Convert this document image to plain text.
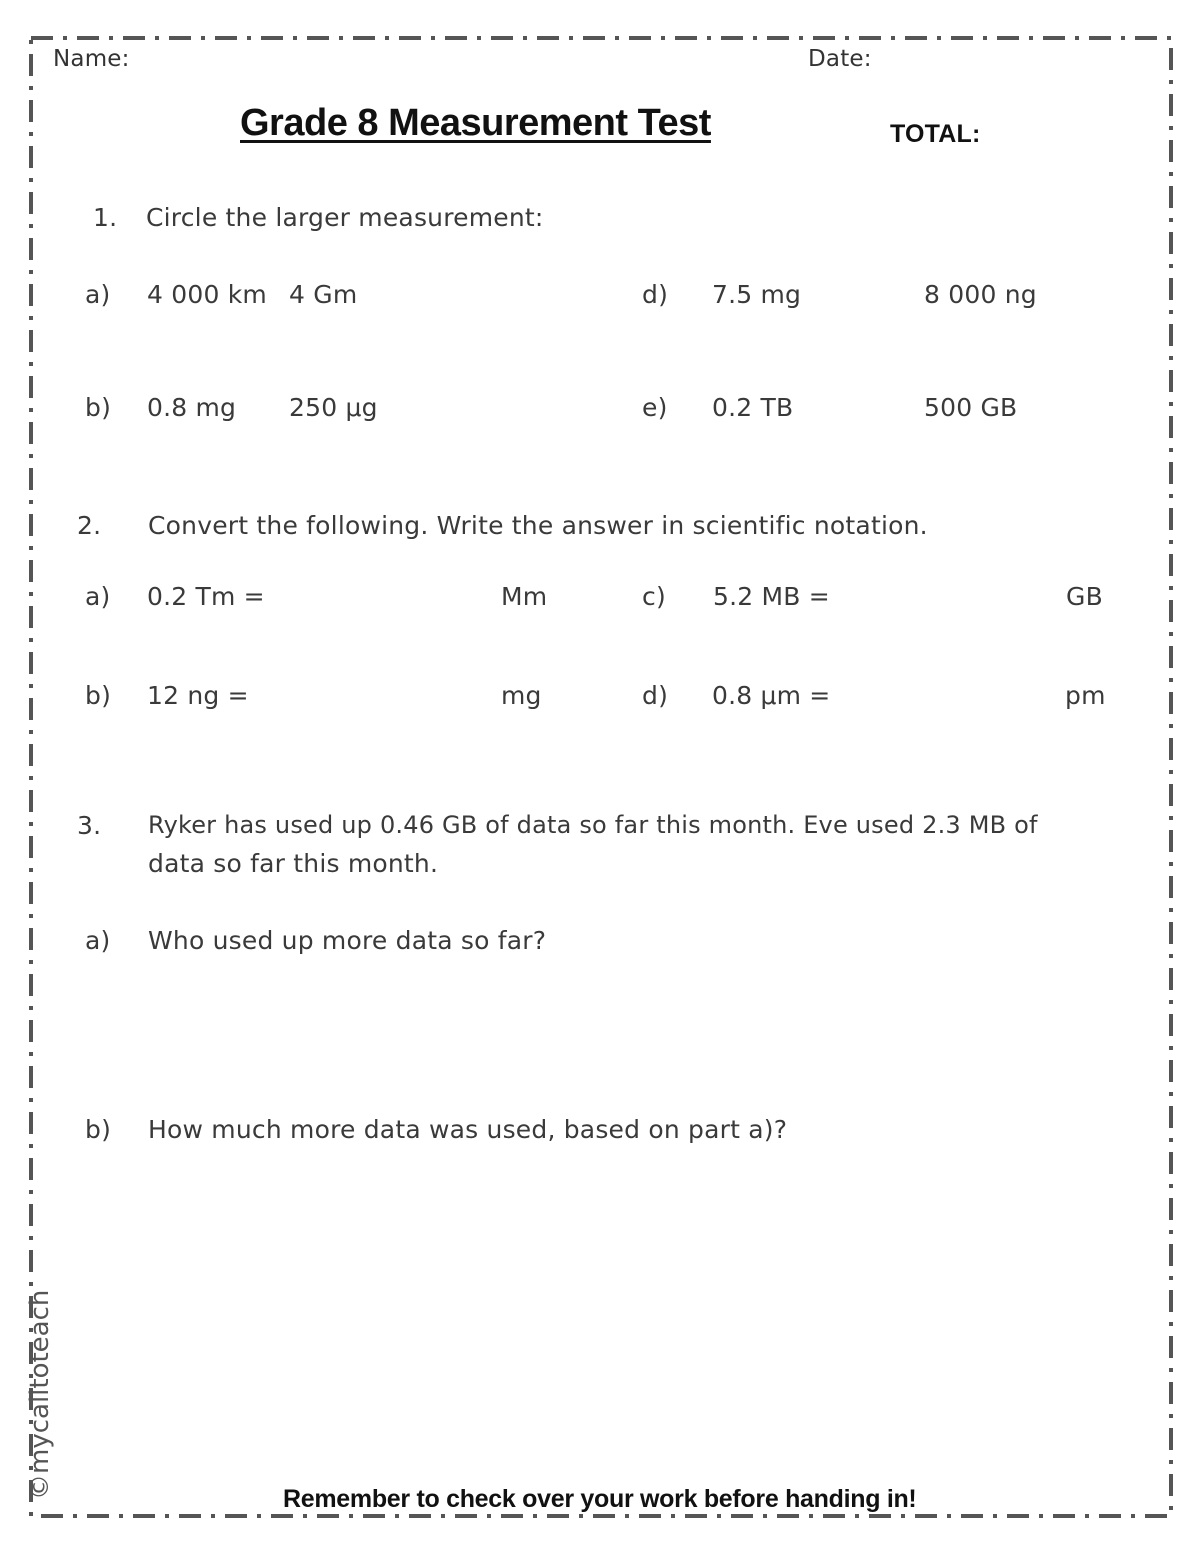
Name:	Date:
Grade 8 Measurement Test	TOTAL:
1. Circle the larger measurement:
a) 4 000 km 4 Gm	d) 7.5 mg	8 000 ng
b) 0.8 mg 250 μg	e) 0.2 TB	500 GB
2. Convert the following. Write the answer in scientific notation.
a) 0.2 Tm =	Mm	c) 5.2 MB =	GB
b) 12 ng =	mg	d) 0.8 μm =	pm
3. Ryker has used up 0.46 GB of data so far this month. Eve used 2.3 MB of
data so far this month.
a) Who used up more data so far?
b) How much more data was used, based on part a)?
©mycalltoteach	Remember to check over your work before handing in!
